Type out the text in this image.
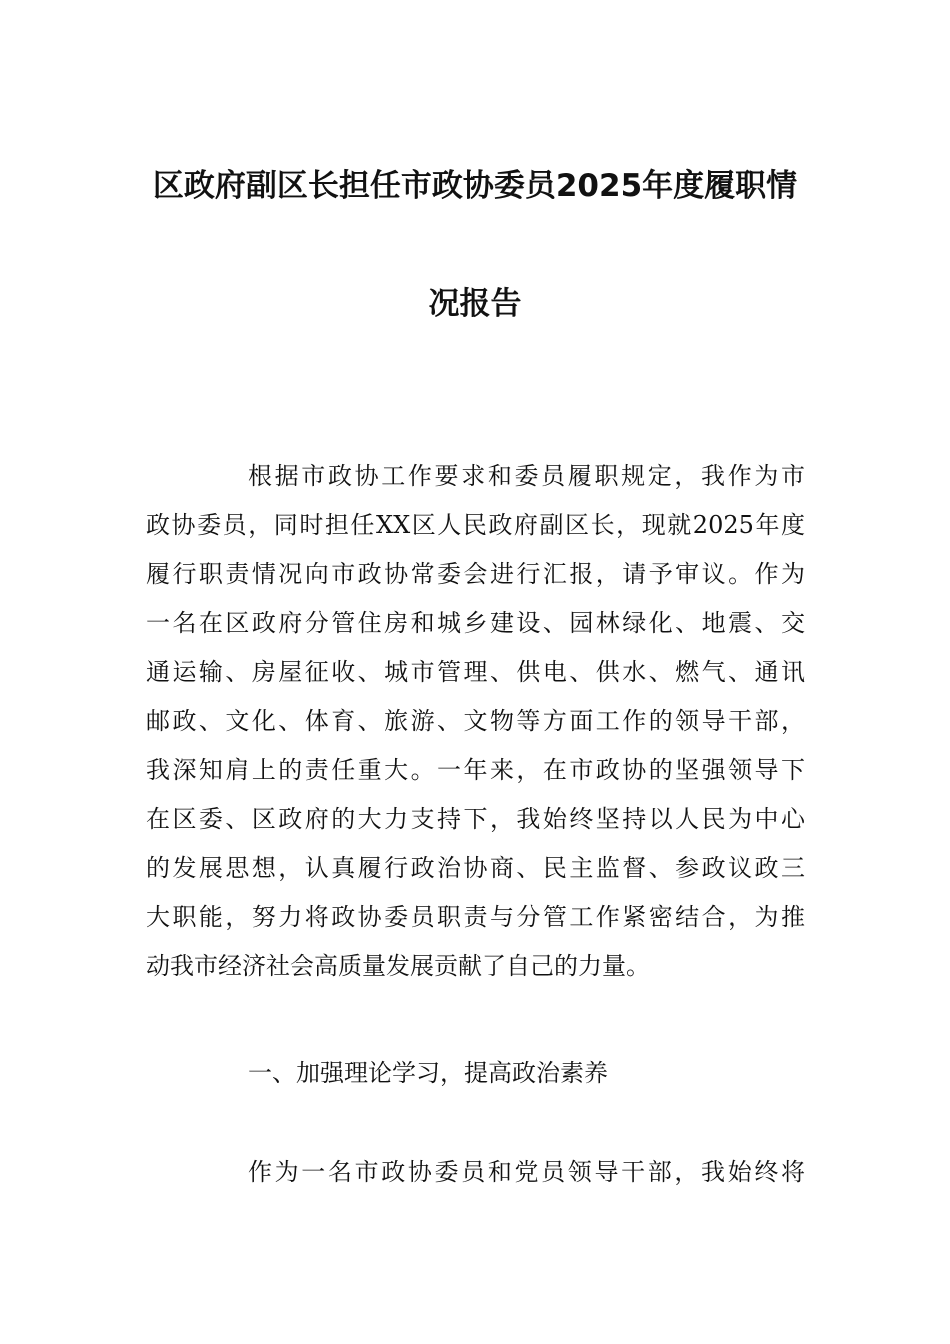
区政府副区长担任市政协委员2025年度履职情
况报告
根据市政协工作要求和委员履职规定，我作为市
政协委员，同时担任XX区人民政府副区长，现就2025年度
履行职责情况向市政协常委会进行汇报，请予审议。作为
一名在区政府分管住房和城乡建设、园林绿化、地震、交
通运输、房屋征收、城市管理、供电、供水、燃气、通讯
邮政、文化、体育、旅游、文物等方面工作的领导干部，
我深知肩上的责任重大。一年来，在市政协的坚强领导下
在区委、区政府的大力支持下，我始终坚持以人民为中心
的发展思想，认真履行政治协商、民主监督、参政议政三
大职能，努力将政协委员职责与分管工作紧密结合，为推
动我市经济社会高质量发展贡献了自己的力量。
一、加强理论学习，提高政治素养
作为一名市政协委员和党员领导干部，我始终将
